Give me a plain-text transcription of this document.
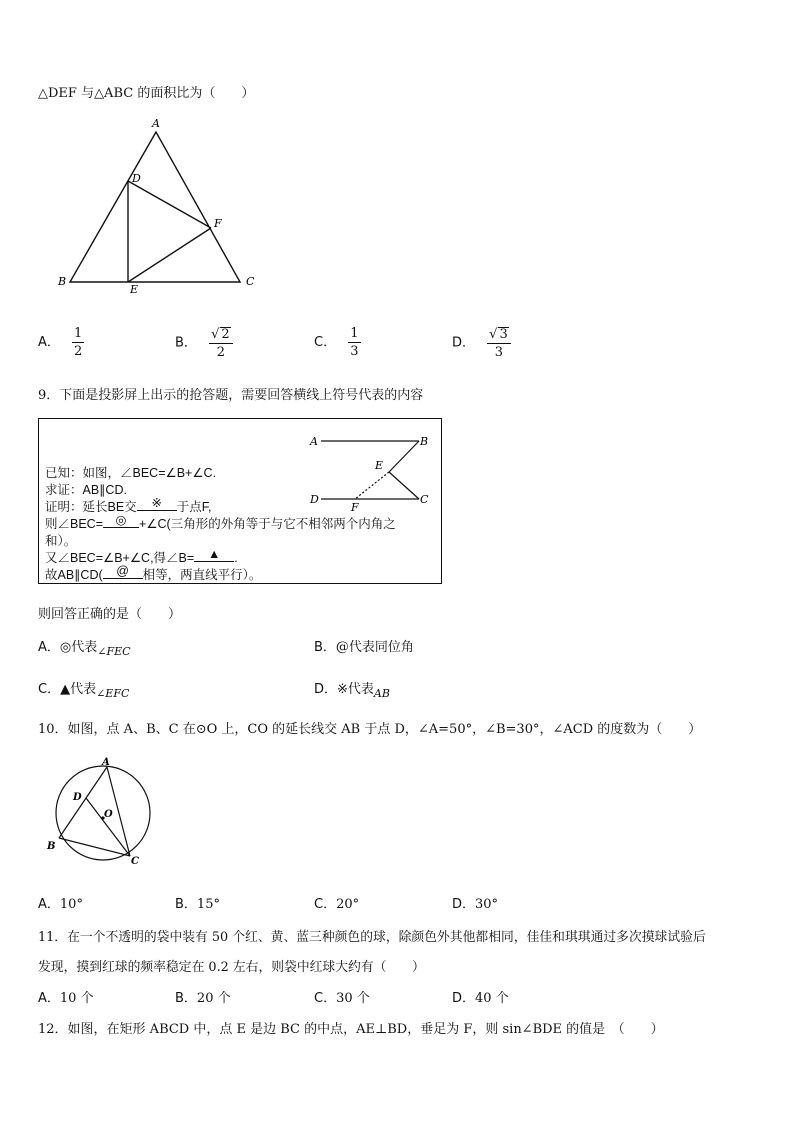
△DEF 与△ABC 的面积比为（　　）
A
B	C
D
E
F
A． $\frac{1}{2}$	B． $\frac{√ 2}{2}$	C． $\frac{1}{3}$	D． $\frac{√ 3}{3}$
9．下面是投影屏上出示的抢答题，需要回答横线上符号代表的内容
A	B
E
D
F
C
已知：如图，∠BEC=∠B+∠C.
求证：AB∥CD.
证明：延长BE交 ※ 于点F,
则∠BEC= ◎ +∠C(三角形的外角等于与它不相邻两个内角之
和）。
又∠BEC=∠B+∠C,得∠B= ▲ .
故AB∥CD( @ 相等，两直线平行）。
则回答正确的是（　　）
A．◎代表$_{\angle FEC}$	B．@代表同位角
C．▲代表$_{\angle EFC}$	D．※代表$_{AB}$
10．如图，点 A、B、C 在⊙O 上，CO 的延长线交 AB 于点 D，∠A=50°，∠B=30°，∠ACD 的度数为（　　）
A
D
O
B
C
A．10°	B．15°	C．20°	D．30°
11．在一个不透明的袋中装有 50 个红、黄、蓝三种颜色的球，除颜色外其他都相同，佳佳和琪琪通过多次摸球试验后
发现，摸到红球的频率稳定在 0.2 左右，则袋中红球大约有（　　）
A．10 个	B．20 个	C．30 个	D．40 个
12．如图，在矩形 ABCD 中，点 E 是边 BC 的中点，AE⊥BD，垂足为 F，则 sin∠BDE 的值是　（　　）
